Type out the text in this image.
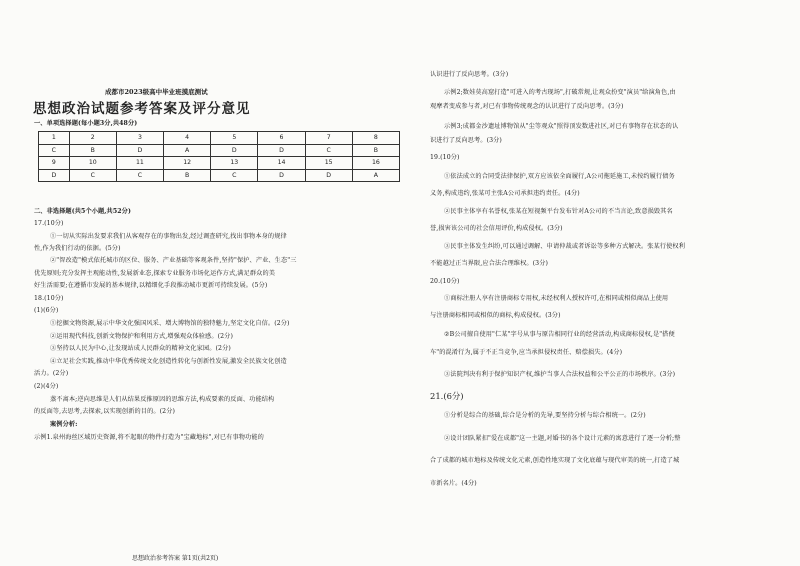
成都市2023级高中毕业班摸底测试
思想政治试题参考答案及评分意见
一、单项选择题(每小题3分,共48分)
1	2	3	4	5	6	7	8
C	B	D	A	D	D	C	B
9	10	11	12	13	14	15	16
D	C	C	B	C	D	D	A
二、非选择题(共5个小题,共52分)
17.(10分)
①一切从实际出发要求我们从客观存在的事物出发,经过调查研究,找出事物本身的规律
性,作为我们行动的依据。(5分)
②"智改造"模式依托城市的区位、服务、产业基础等客观条件,坚持"保护、产业、生态"三
优先原则;充分发挥主观能动性,发展新业态,探索专业服务市场化运作方式,满足群众的美
好生活需要;在遵循市发展的基本规律,以精细化手段推动城市更新可持续发展。(5分)
18.(10分)
(1)(6分)
①挖掘文物资源,展示中华文化强国风采、增大博物馆的独特魅力,坚定文化自信。(2分)
②运用现代科技,创新文物保护和利用方式,增强观众体验感。(2分)
③坚持以人民为中心,让发现站成人民群众的精神文化家园。(2分)
④立足社会实践,推动中华优秀传统文化创造性转化与创新性发展,激发全民族文化创造
活力。(2分)
(2)(4分)
蒸不离本;逆向思维是人们从结果反推原因的思维方法,构成要素的反面、功能结构
的反面等,去思考,去探索,以实现创新的目的。(2分)
案例分析:
示例1.泉州海丝区域历史资源,将不起眼的物件打造为"宝藏地标",对已有事物功能的
思想政治参考答案 第1页(共2页)
认识进行了反向思考。(3分)
示例2;数娃莫高窟打造"可进入的考古现场",打破常规,让观众扮变"演员"给演角色,由
观摩者变成参与者,对已有事物传统观念的认识进行了反向思考。(3分)
示例3;成都金沙遗址博物馆从"尘等观众"照得顶发数进社区,对已有事物存在状态的认
识进行了反向思考。(3分)
19.(10分)
①依法成立的合同受法律保护,双方应该依全面履行,A公司拖延施工,未按约履行债务
义务,构成违约,张某可主张A公司承担违约责任。(4分)
②民事主体享有名誉权,张某在短视频平台发布针对A公司的不当言论,致意损毁其名
誉,损害该公司的社会信用评价,构成侵权。(3分)
③民事主体发生纠纷,可以通过调解、申请仲裁或者诉讼等多种方式解决。张某行使权利
不能越过正当界限,应合法合理维权。(3分)
20.(10分)
①商标注册人享有注册商标专用权,未经权利人授权许可,在相同或相似商品上使用
与注册商标相同或相似的商标,构成侵权。(3分)
②B公司擅自使用"仁某"字号从事与原告相同行业的经营活动,构成商标侵权,是"搭便
车"的混淆行为,属于不正当竞争,应当承担侵权责任、赔偿损失。(4分)
③法院判决有利于保护知识产权,维护当事人合法权益和公平公正的市场秩序。(3分)
21.(6分)
①分析是综合的基础,综合是分析的先导,要坚持分析与综合相统一。(2分)
②设计团队紧扣"爱在成都"这一主题,对婚书的各个设计元素的寓意进行了逐一分析;整
合了成都的城市地标及传统文化元素,创造性地实现了文化底蕴与现代审美的统一,打造了城
市新名片。(4分)
